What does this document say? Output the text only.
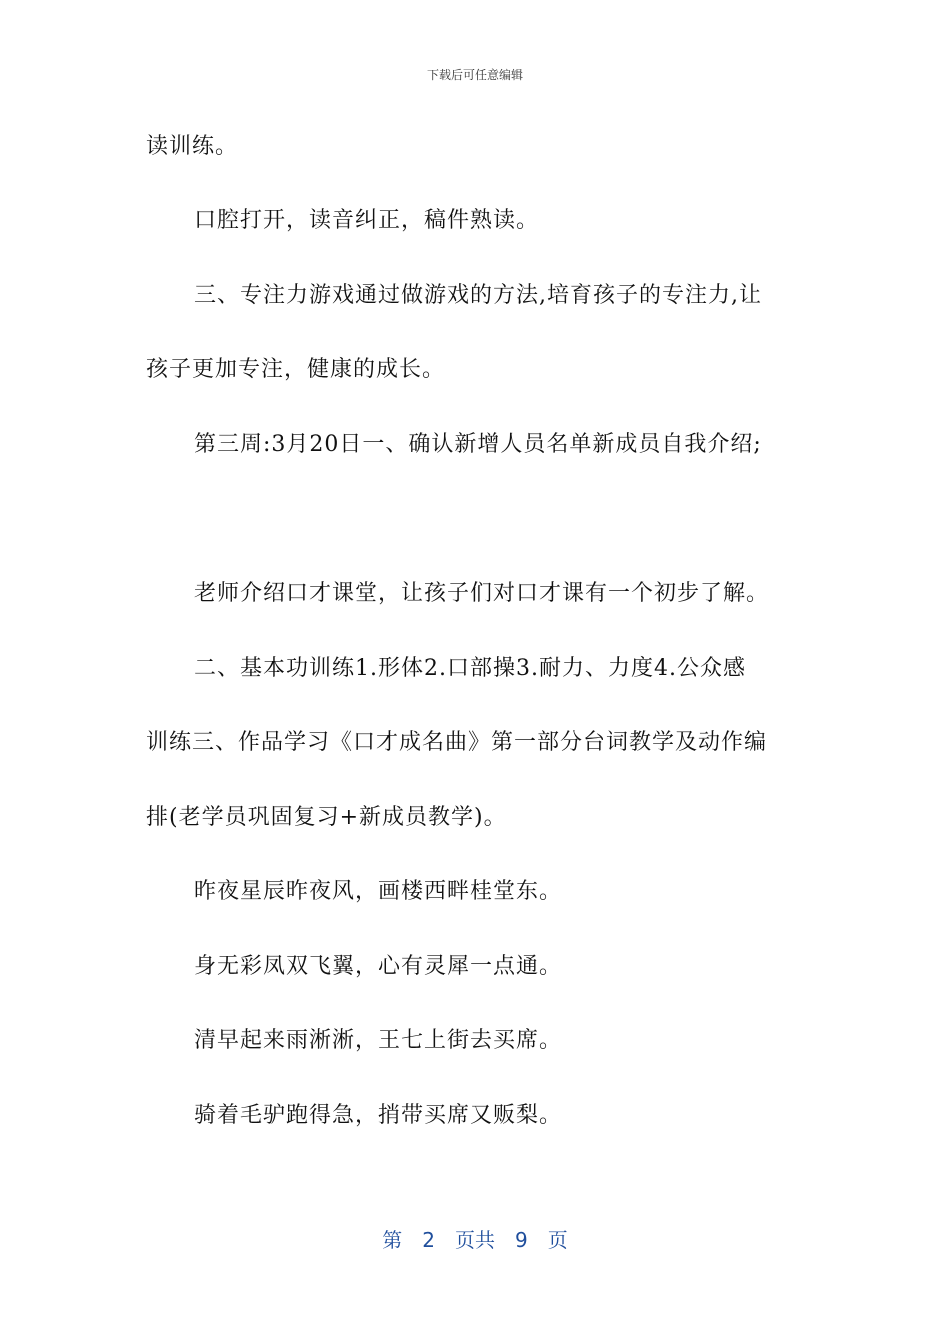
下载后可任意编辑
读训练。
口腔打开，读音纠正，稿件熟读。
三、专注力游戏通过做游戏的方法,培育孩子的专注力,让
孩子更加专注，健康的成长。
第三周:3月20日一、确认新增人员名单新成员自我介绍;
老师介绍口才课堂，让孩子们对口才课有一个初步了解。
二、基本功训练1.形体2.口部操3.耐力、力度4.公众感
训练三、作品学习《口才成名曲》第一部分台词教学及动作编
排(老学员巩固复习+新成员教学)。
昨夜星辰昨夜风，画楼西畔桂堂东。
身无彩凤双飞翼，心有灵犀一点通。
清早起来雨淅淅，王七上街去买席。
骑着毛驴跑得急，捎带买席又贩梨。
第 2 页共 9 页
